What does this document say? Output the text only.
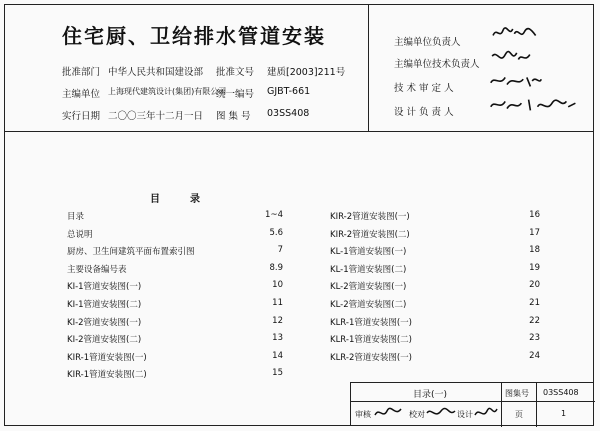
住宅厨、卫给排水管道安装
批准部门 中华人民共和国建设部 批准文号 建质[2003]211号
主编单位 上海现代建筑设计(集团)有限公司
统一编号 GJBT-661
实行日期 二〇〇三年十二月一日 图 集 号 03SS408
主编单位负责人
主编单位技术负责人
技 术 审 定 人
设 计 负 责 人
目录
目录	1~4
总说明	5.6
厨房、卫生间建筑平面布置索引图	7
主要设备编号表	8.9
KI-1管道安装图(一)	10
KI-1管道安装图(二)	11
KI-2管道安装图(一)	12
KI-2管道安装图(二)	13
KIR-1管道安装图(一)	14
KIR-1管道安装图(二)	15
KIR-2管道安装图(一)	16
KIR-2管道安装图(二)	17
KL-1管道安装图(一)	18
KL-1管道安装图(二)	19
KL-2管道安装图(一)	20
KL-2管道安装图(二)	21
KLR-1管道安装图(一)	22
KLR-1管道安装图(二)	23
KLR-2管道安装图(一)	24
目录(一)	图集号 03SS408
审核	校对	设计	页	1
